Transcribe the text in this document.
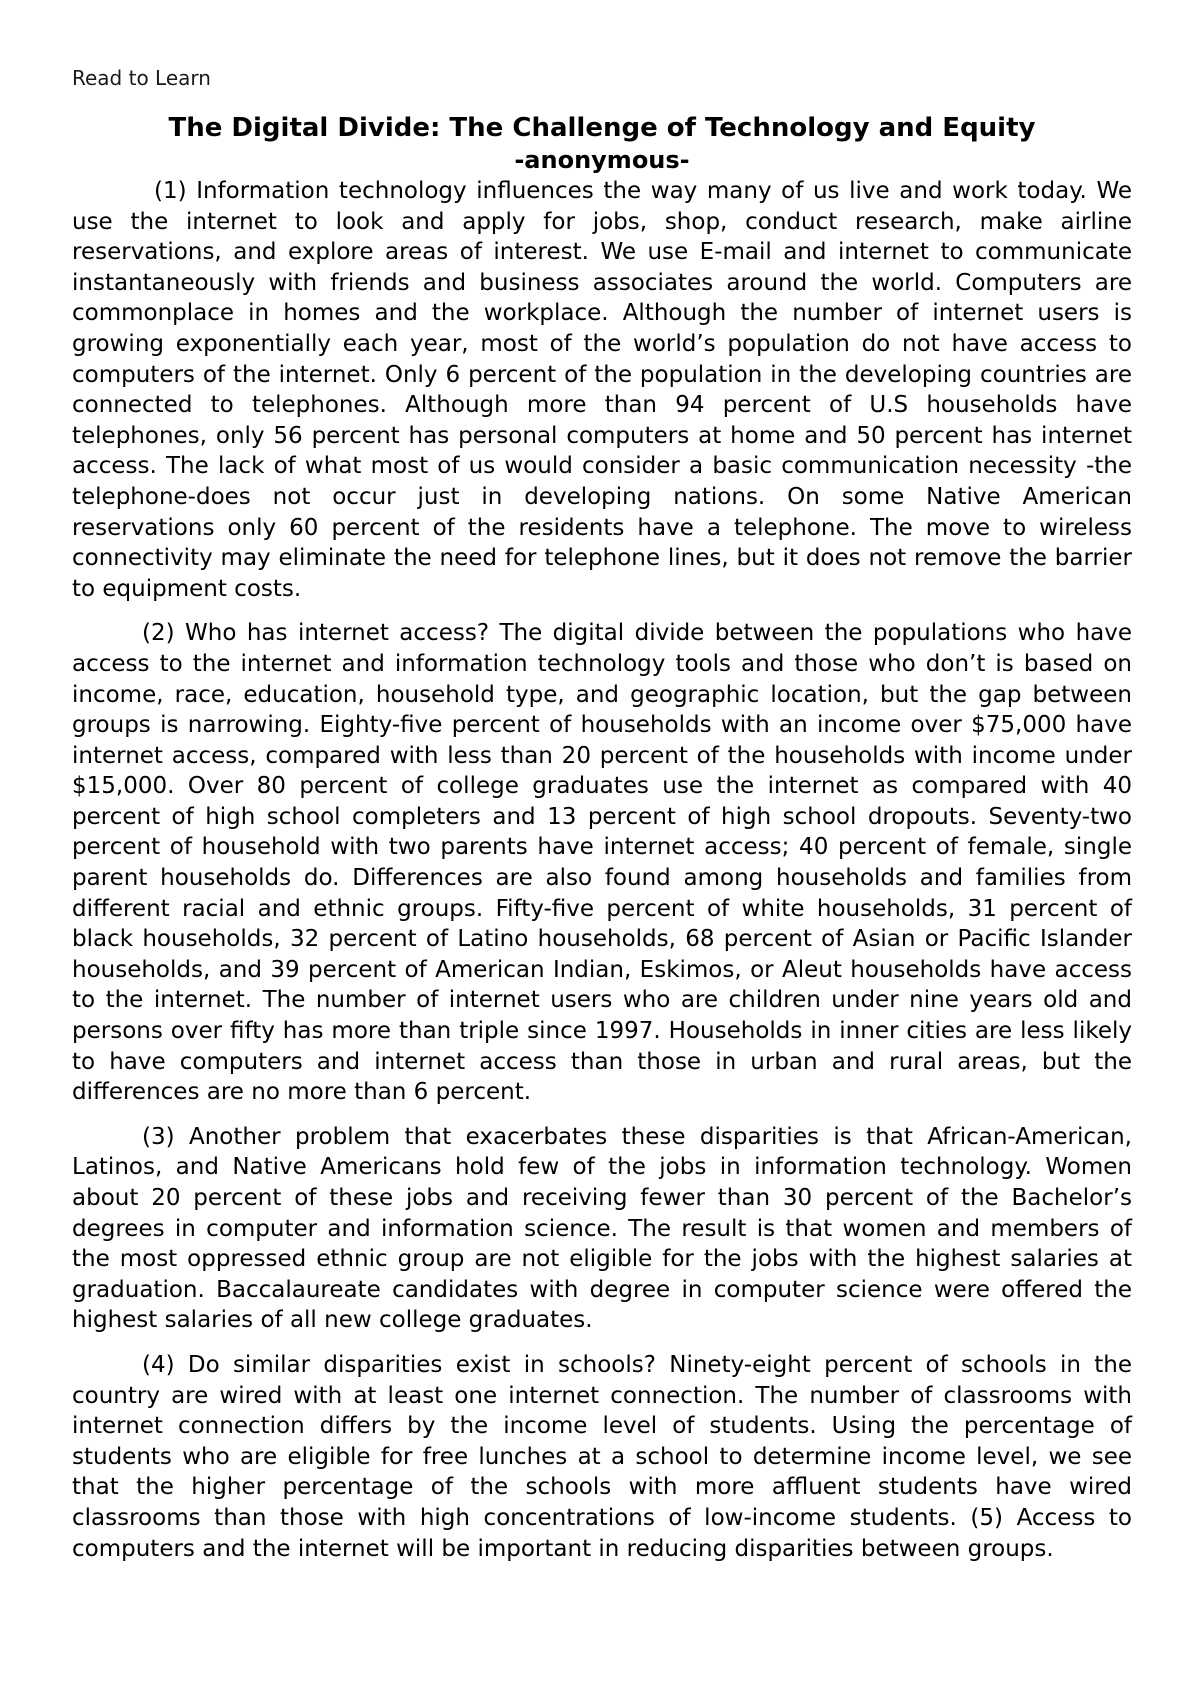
Read to Learn
The Digital Divide: The Challenge of Technology and Equity
-anonymous-

(1) Information technology influences the way many of us live and work today. We use the internet to look and apply for jobs, shop, conduct research, make airline reservations, and explore areas of interest. We use E-mail and internet to communicate instantaneously with friends and business associates around the world. Computers are commonplace in homes and the workplace. Although the number of internet users is growing exponentially each year, most of the world’s population do not have access to computers of the internet. Only 6 percent of the population in the developing countries are connected to telephones. Although more than 94 percent of U.S households have telephones, only 56 percent has personal computers at home and 50 percent has internet access. The lack of what most of us would consider a basic communication necessity -the telephone-does not occur just in developing nations. On some Native American reservations only 60 percent of the residents have a telephone. The move to wireless connectivity may eliminate the need for telephone lines, but it does not remove the barrier to equipment costs.

(2) Who has internet access? The digital divide between the populations who have access to the internet and information technology tools and those who don’t is based on income, race, education, household type, and geographic location, but the gap between groups is narrowing. Eighty-five percent of households with an income over $75,000 have internet access, compared with less than 20 percent of the households with income under $15,000. Over 80 percent of college graduates use the internet as compared with 40 percent of high school completers and 13 percent of high school dropouts. Seventy-two percent of household with two parents have internet access; 40 percent of female, single parent households do. Differences are also found among households and families from different racial and ethnic groups. Fifty-five percent of white households, 31 percent of black households, 32 percent of Latino households, 68 percent of Asian or Pacific Islander households, and 39 percent of American Indian, Eskimos, or Aleut households have access to the internet. The number of internet users who are children under nine years old and persons over fifty has more than triple since 1997. Households in inner cities are less likely to have computers and internet access than those in urban and rural areas, but the differences are no more than 6 percent.

(3) Another problem that exacerbates these disparities is that African-American, Latinos, and Native Americans hold few of the jobs in information technology. Women about 20 percent of these jobs and receiving fewer than 30 percent of the Bachelor’s degrees in computer and information science. The result is that women and members of the most oppressed ethnic group are not eligible for the jobs with the highest salaries at graduation. Baccalaureate candidates with degree in computer science were offered the highest salaries of all new college graduates.

(4) Do similar disparities exist in schools? Ninety-eight percent of schools in the country are wired with at least one internet connection. The number of classrooms with internet connection differs by the income level of students. Using the percentage of students who are eligible for free lunches at a school to determine income level, we see that the higher percentage of the schools with more affluent students have wired classrooms than those with high concentrations of low-income students. (5) Access to computers and the internet will be important in reducing disparities between groups.
